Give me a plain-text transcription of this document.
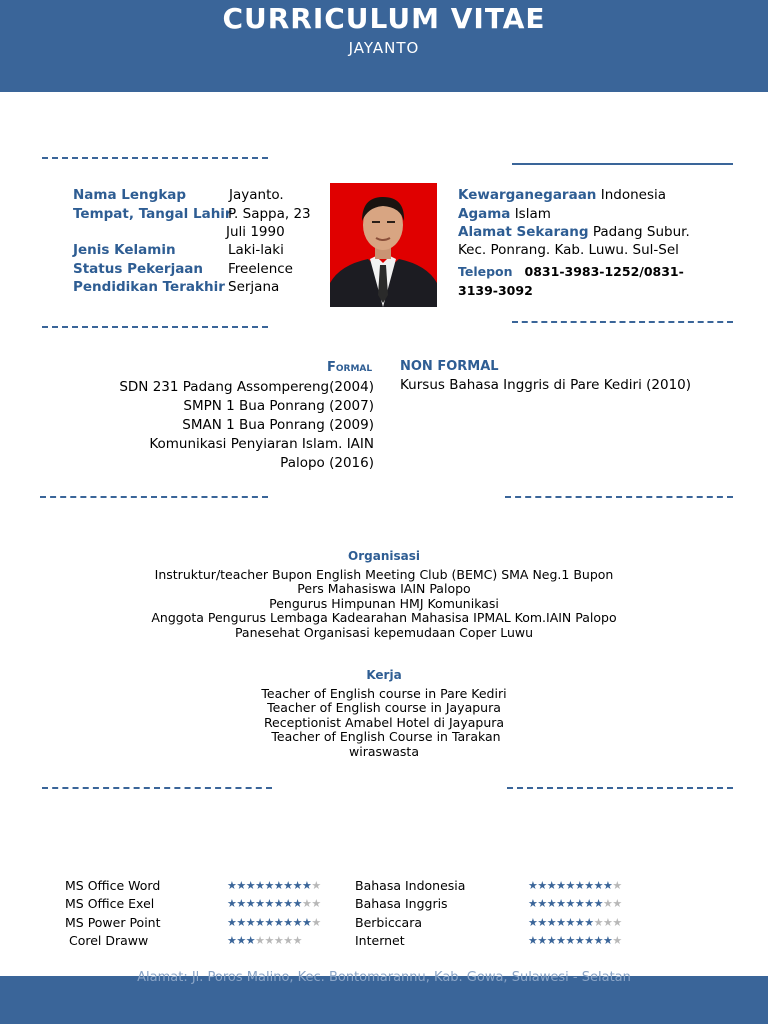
CURRICULUM VITAE
JAYANTO
Nama Lengkap	Jayanto.
Tempat, Tangal Lahir
P. Sappa, 23
Juli 1990
Jenis Kelamin	Laki-laki
Status Pekerjaan Freelence
Pendidikan Terakhir Serjana
Kewarganegaraan Indonesia
Agama Islam
Alamat Sekarang Padang Subur.
Kec. Ponrang. Kab. Luwu. Sul-Sel
Telepon 0831-3983-1252/0831-
3139-3092
Formal NON FORMAL
SDN 231 Padang Assompereng(2004)
SMPN 1 Bua Ponrang (2007)
SMAN 1 Bua Ponrang (2009)
Komunikasi Penyiaran Islam. IAIN
Palopo (2016)
Kursus Bahasa Inggris di Pare Kediri (2010)
Organisasi
Instruktur/teacher Bupon English Meeting Club (BEMC) SMA Neg.1 Bupon
Pers Mahasiswa IAIN Palopo
Pengurus Himpunan HMJ Komunikasi
Anggota Pengurus Lembaga Kadearahan Mahasisa IPMAL Kom.IAIN Palopo
Panesehat Organisasi kepemudaan Coper Luwu
Kerja
Teacher of English course in Pare Kediri
Teacher of English course in Jayapura
Receptionist Amabel Hotel di Jayapura
Teacher of English Course in Tarakan
wiraswasta
MS Office Word
MS Office Exel
MS Power Point
Corel Draww
★★★★★★★★★★
★★★★★★★★★★
★★★★★★★★★★
★★★★★★★★
Bahasa Indonesia
Bahasa Inggris
Berbiccara
Internet
★★★★★★★★★★
★★★★★★★★★★
★★★★★★★★★★
★★★★★★★★★★
Alamat: Jl. Poros Malino, Kec. Bontomarannu, Kab. Gowa, Sulawesi - Selatan
